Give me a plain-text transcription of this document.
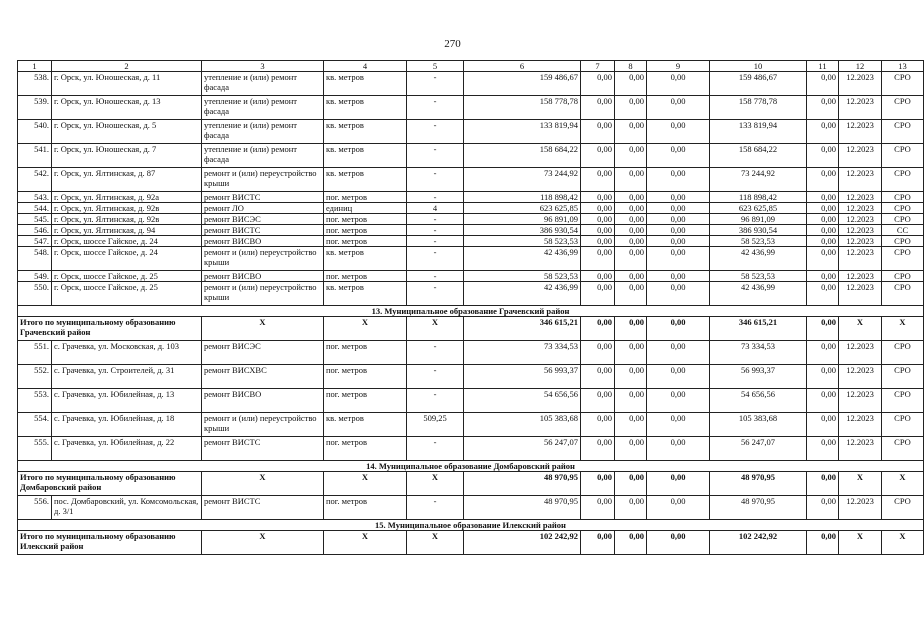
270
1	2	3	4	5	6	7	8	9	10	11	12	13
538.	г. Орск, ул. Юношеская, д. 11	утепление и (или) ремонт фасада	кв. метров	-	159 486,67	0,00	0,00	0,00	159 486,67	0,00	12.2023	СРО
539.	г. Орск, ул. Юношеская, д. 13	утепление и (или) ремонт фасада	кв. метров	-	158 778,78	0,00	0,00	0,00	158 778,78	0,00	12.2023	СРО
540.	г. Орск, ул. Юношеская, д. 5	утепление и (или) ремонт фасада	кв. метров	-	133 819,94	0,00	0,00	0,00	133 819,94	0,00	12.2023	СРО
541.	г. Орск, ул. Юношеская, д. 7	утепление и (или) ремонт фасада	кв. метров	-	158 684,22	0,00	0,00	0,00	158 684,22	0,00	12.2023	СРО
542.	г. Орск, ул. Ялтинская, д. 87	ремонт и (или) переустройство крыши	кв. метров	-	73 244,92	0,00	0,00	0,00	73 244,92	0,00	12.2023	СРО
543.	г. Орск, ул. Ялтинская, д. 92а	ремонт ВИСТС	пог. метров	-	118 898,42	0,00	0,00	0,00	118 898,42	0,00	12.2023	СРО
544.	г. Орск, ул. Ялтинская, д. 92в	ремонт ЛО	единиц	4	623 625,85	0,00	0,00	0,00	623 625,85	0,00	12.2023	СРО
545.	г. Орск, ул. Ялтинская, д. 92в	ремонт ВИСЭС	пог. метров	-	96 891,09	0,00	0,00	0,00	96 891,09	0,00	12.2023	СРО
546.	г. Орск, ул. Ялтинская, д. 94	ремонт ВИСТС	пог. метров	-	386 930,54	0,00	0,00	0,00	386 930,54	0,00	12.2023	СС
547.	г. Орск, шоссе Гайское, д. 24	ремонт ВИСВО	пог. метров	-	58 523,53	0,00	0,00	0,00	58 523,53	0,00	12.2023	СРО
548.	г. Орск, шоссе Гайское, д. 24	ремонт и (или) переустройство крыши	кв. метров	-	42 436,99	0,00	0,00	0,00	42 436,99	0,00	12.2023	СРО
549.	г. Орск, шоссе Гайское, д. 25	ремонт ВИСВО	пог. метров	-	58 523,53	0,00	0,00	0,00	58 523,53	0,00	12.2023	СРО
550.	г. Орск, шоссе Гайское, д. 25	ремонт и (или) переустройство крыши	кв. метров	-	42 436,99	0,00	0,00	0,00	42 436,99	0,00	12.2023	СРО
13. Муниципальное образование Грачевский район												
Итого по муниципальному образованию Грачевский район		Х	Х	Х	346 615,21	0,00	0,00	0,00	346 615,21	0,00	Х	Х
551.	с. Грачевка, ул. Московская, д. 103	ремонт ВИСЭС	пог. метров	-	73 334,53	0,00	0,00	0,00	73 334,53	0,00	12.2023	СРО
552.	с. Грачевка, ул. Строителей, д. 31	ремонт ВИСХВС	пог. метров	-	56 993,37	0,00	0,00	0,00	56 993,37	0,00	12.2023	СРО
553.	с. Грачевка, ул. Юбилейная, д. 13	ремонт ВИСВО	пог. метров	-	54 656,56	0,00	0,00	0,00	54 656,56	0,00	12.2023	СРО
554.	с. Грачевка, ул. Юбилейная, д. 18	ремонт и (или) переустройство крыши	кв. метров	509,25	105 383,68	0,00	0,00	0,00	105 383,68	0,00	12.2023	СРО
555.	с. Грачевка, ул. Юбилейная, д. 22	ремонт ВИСТС	пог. метров	-	56 247,07	0,00	0,00	0,00	56 247,07	0,00	12.2023	СРО
14. Муниципальное образование Домбаровский район												
Итого по муниципальному образованию Домбаровский район		Х	Х	Х	48 970,95	0,00	0,00	0,00	48 970,95	0,00	Х	Х
556.	пос. Домбаровский, ул. Комсомольская, д. 3/1	ремонт ВИСТС	пог. метров	-	48 970,95	0,00	0,00	0,00	48 970,95	0,00	12.2023	СРО
15. Муниципальное образование Илекский район												
Итого по муниципальному образованию Илекский район		Х	Х	Х	102 242,92	0,00	0,00	0,00	102 242,92	0,00	Х	Х
